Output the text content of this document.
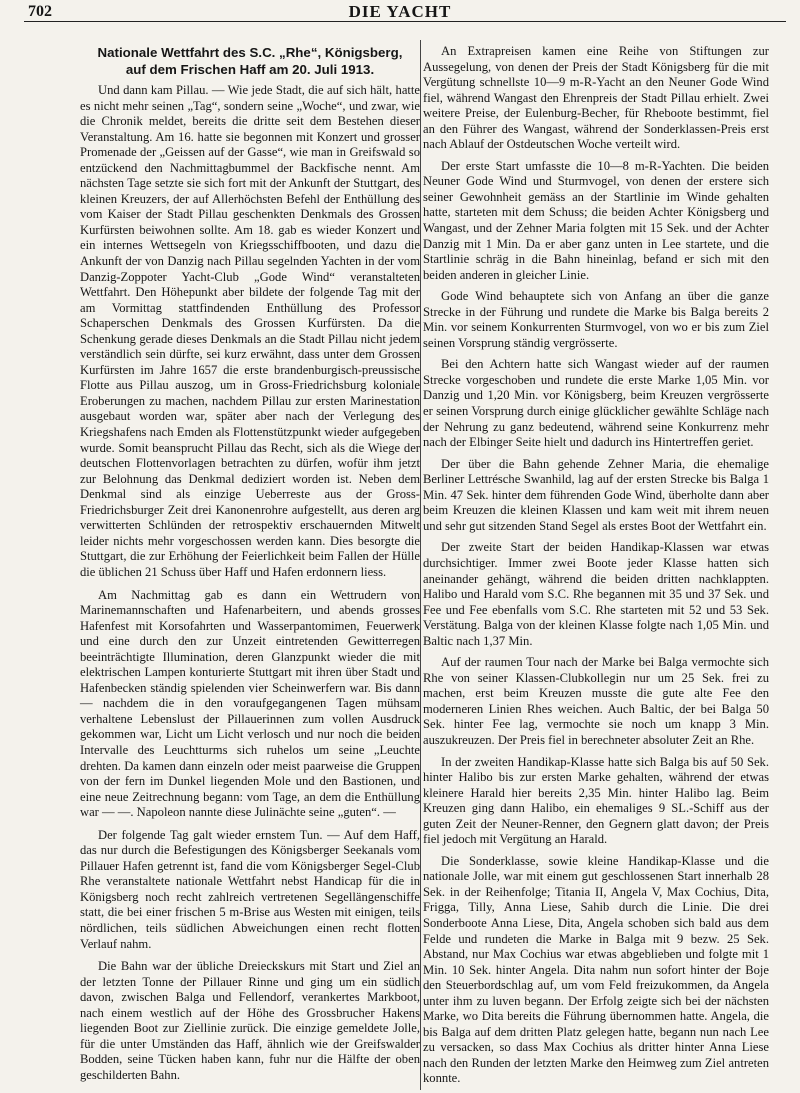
702	DIE YACHT
Nationale Wettfahrt des S.C. „Rhe“, Königsberg,
auf dem Frischen Haff am 20. Juli 1913.

Und dann kam Pillau. — Wie jede Stadt, die auf sich hält, hatte es nicht mehr seinen „Tag“, sondern seine „Woche“, und zwar, wie die Chronik meldet, bereits die dritte seit dem Bestehen dieser Veranstaltung. Am 16. hatte sie begonnen mit Konzert und grosser Promenade der „Geissen auf der Gasse“, wie man in Greifswald so entzückend den Nachmittagbummel der Backfische nennt. Am nächsten Tage setzte sie sich fort mit der Ankunft der Stuttgart, des kleinen Kreuzers, der auf Allerhöchsten Befehl der Enthüllung des vom Kaiser der Stadt Pillau geschenkten Denkmals des Grossen Kurfürsten beiwohnen sollte. Am 18. gab es wieder Konzert und ein internes Wettsegeln von Kriegsschiffbooten, und dazu die Ankunft der von Danzig nach Pillau segelnden Yachten in der vom Danzig-Zoppoter Yacht-Club „Gode Wind“ veranstalteten Wettfahrt. Den Höhepunkt aber bildete der folgende Tag mit der am Vormittag stattfindenden Enthüllung des Professor Schaperschen Denkmals des Grossen Kurfürsten. Da die Schenkung gerade dieses Denkmals an die Stadt Pillau nicht jedem verständlich sein dürfte, sei kurz erwähnt, dass unter dem Grossen Kurfürsten im Jahre 1657 die erste brandenburgisch-preussische Flotte aus Pillau auszog, um in Gross-Friedrichsburg koloniale Eroberungen zu machen, nachdem Pillau zur ersten Marinestation ausgebaut worden war, später aber nach der Verlegung des Kriegshafens nach Emden als Flottenstützpunkt wieder aufgegeben wurde. Somit beansprucht Pillau das Recht, sich als die Wiege der deutschen Flottenvorlagen betrachten zu dürfen, wofür ihm jetzt zur Belohnung das Denkmal dediziert worden ist. Neben dem Denkmal sind als einzige Ueberreste aus der Gross-Friedrichsburger Zeit drei Kanonenrohre aufgestellt, aus deren arg verwitterten Schlünden der retrospektiv erschauernden Mitwelt leider nichts mehr vorgeschossen werden kann. Dies besorgte die Stuttgart, die zur Erhöhung der Feierlichkeit beim Fallen der Hülle die üblichen 21 Schuss über Haff und Hafen erdonnern liess.

Am Nachmittag gab es dann ein Wettrudern von Marinemannschaften und Hafenarbeitern, und abends grosses Hafenfest mit Korsofahrten und Wasserpantomimen, Feuerwerk und eine durch den zur Unzeit eintretenden Gewitterregen beeinträchtigte Illumination, deren Glanzpunkt wieder die mit elektrischen Lampen konturierte Stuttgart mit ihren über Stadt und Hafenbecken ständig spielenden vier Scheinwerfern war. Bis dann — nachdem die in den voraufgegangenen Tagen mühsam verhaltene Lebenslust der Pillauerinnen zum vollen Ausdruck gekommen war, Licht um Licht verlosch und nur noch die beiden Intervalle des Leuchtturms sich ruhelos um seine „Leuchte drehten. Da kamen dann einzeln oder meist paarweise die Gruppen von der fern im Dunkel liegenden Mole und den Bastionen, und eine neue Zeitrechnung begann: vom Tage, an dem die Enthüllung war — —. Napoleon nannte diese Julinächte seine „guten“. —

Der folgende Tag galt wieder ernstem Tun. — Auf dem Haff, das nur durch die Befestigungen des Königsberger Seekanals vom Pillauer Hafen getrennt ist, fand die vom Königsberger Segel-Club Rhe veranstaltete nationale Wettfahrt nebst Handicap für die in Königsberg noch recht zahlreich vertretenen Segellängenschiffe statt, die bei einer frischen 5 m-Brise aus Westen mit einigen, teils nördlichen, teils südlichen Abweichungen einen recht flotten Verlauf nahm.

Die Bahn war der übliche Dreieckskurs mit Start und Ziel an der letzten Tonne der Pillauer Rinne und ging um ein südlich davon, zwischen Balga und Fellendorf, verankertes Markboot, nach einem westlich auf der Höhe des Grossbrucher Hakens liegenden Boot zur Ziellinie zurück. Die einzige gemeldete Jolle, für die unter Umständen das Haff, ähnlich wie der Greifswalder Bodden, seine Tücken haben kann, fuhr nur die Hälfte der oben geschilderten Bahn.

An Extrapreisen kamen eine Reihe von Stiftungen zur Aussegelung, von denen der Preis der Stadt Königsberg für die mit Vergütung schnellste 10—9 m-R-Yacht an den Neuner Gode Wind fiel, während Wangast den Ehrenpreis der Stadt Pillau erhielt. Zwei weitere Preise, der Eulenburg-Becher, für Rheboote bestimmt, fiel an den Führer des Wangast, während der Sonderklassen-Preis erst nach Ablauf der Ostdeutschen Woche verteilt wird.

Der erste Start umfasste die 10—8 m-R-Yachten. Die beiden Neuner Gode Wind und Sturmvogel, von denen der erstere sich seiner Gewohnheit gemäss an der Startlinie im Winde gehalten hatte, starteten mit dem Schuss; die beiden Achter Königsberg und Wangast, und der Zehner Maria folgten mit 15 Sek. und der Achter Danzig mit 1 Min. Da er aber ganz unten in Lee startete, und die Startlinie schräg in die Bahn hineinlag, befand er sich mit den beiden anderen in gleicher Linie.

Gode Wind behauptete sich von Anfang an über die ganze Strecke in der Führung und rundete die Marke bis Balga bereits 2 Min. vor seinem Konkurrenten Sturmvogel, von wo er bis zum Ziel seinen Vorsprung ständig vergrösserte.

Bei den Achtern hatte sich Wangast wieder auf der raumen Strecke vorgeschoben und rundete die erste Marke 1,05 Min. vor Danzig und 1,20 Min. vor Königsberg, beim Kreuzen vergrösserte er seinen Vorsprung durch einige glücklicher gewählte Schläge nach der Nehrung zu ganz bedeutend, während seine Konkurrenz mehr nach der Elbinger Seite hielt und dadurch ins Hintertreffen geriet.

Der über die Bahn gehende Zehner Maria, die ehemalige Berliner Lettrésche Swanhild, lag auf der ersten Strecke bis Balga 1 Min. 47 Sek. hinter dem führenden Gode Wind, überholte dann aber beim Kreuzen die kleinen Klassen und kam weit mit ihrem neuen und sehr gut sitzenden Stand Segel als erstes Boot der Wettfahrt ein.

Der zweite Start der beiden Handikap-Klassen war etwas durchsichtiger. Immer zwei Boote jeder Klasse hatten sich aneinander gehängt, während die beiden dritten nachklappten. Halibo und Harald vom S.C. Rhe begannen mit 35 und 37 Sek. und Fee und Fee ebenfalls vom S.C. Rhe starteten mit 52 und 53 Sek. Verstätung. Balga von der kleinen Klasse folgte nach 1,05 Min. und Baltic nach 1,37 Min.

Auf der raumen Tour nach der Marke bei Balga vermochte sich Rhe von seiner Klassen-Clubkollegin nur um 25 Sek. frei zu machen, erst beim Kreuzen musste die gute alte Fee den moderneren Linien Rhes weichen. Auch Baltic, der bei Balga 50 Sek. hinter Fee lag, vermochte sie noch um knapp 3 Min. auszukreuzen. Der Preis fiel in berechneter absoluter Zeit an Rhe.

In der zweiten Handikap-Klasse hatte sich Balga bis auf 50 Sek. hinter Halibo bis zur ersten Marke gehalten, während der etwas kleinere Harald hier bereits 2,35 Min. hinter Halibo lag. Beim Kreuzen ging dann Halibo, ein ehemaliges 9 SL.-Schiff aus der guten Zeit der Neuner-Renner, den Gegnern glatt davon; der Preis fiel jedoch mit Vergütung an Harald.

Die Sonderklasse, sowie kleine Handikap-Klasse und die nationale Jolle, war mit einem gut geschlossenen Start innerhalb 28 Sek. in der Reihenfolge; Titania II, Angela V, Max Cochius, Dita, Frigga, Tilly, Anna Liese, Sahib durch die Linie. Die drei Sonderboote Anna Liese, Dita, Angela schoben sich bald aus dem Felde und rundeten die Marke in Balga mit 9 bezw. 25 Sek. Abstand, nur Max Cochius war etwas abgeblieben und folgte mit 1 Min. 10 Sek. hinter Angela. Dita nahm nun sofort hinter der Boje den Steuerbordschlag auf, um vom Feld freizukommen, da Angela unter ihm zu luven begann. Der Erfolg zeigte sich bei der nächsten Marke, wo Dita bereits die Führung übernommen hatte. Angela, die bis Balga auf dem dritten Platz gelegen hatte, begann nun nach Lee zu versacken, so dass Max Cochius als dritter hinter Anna Liese nach den Runden der letzten Marke den Heimweg zum Ziel antreten konnte.
